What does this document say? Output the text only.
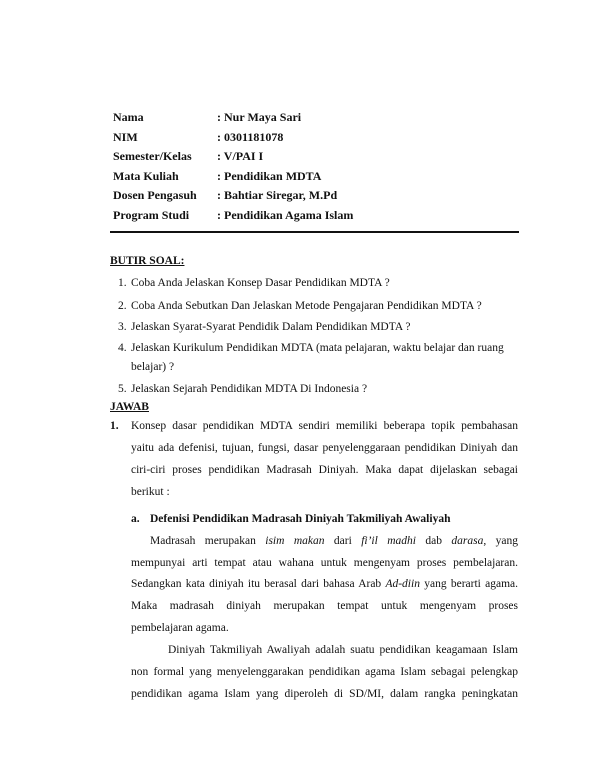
Nama	: Nur Maya Sari
NIM	: 0301181078
Semester/Kelas : V/PAI I
Mata Kuliah	: Pendidikan MDTA
Dosen Pengasuh : Bahtiar Siregar, M.Pd
Program Studi : Pendidikan Agama Islam
BUTIR SOAL:
1. Coba Anda Jelaskan Konsep Dasar Pendidikan MDTA ?
2. Coba Anda Sebutkan Dan Jelaskan Metode Pengajaran Pendidikan MDTA ?
3. Jelaskan Syarat-Syarat Pendidik Dalam Pendidikan MDTA ?
4. Jelaskan Kurikulum Pendidikan MDTA (mata pelajaran, waktu belajar dan ruang
belajar) ?
5. Jelaskan Sejarah Pendidikan MDTA Di Indonesia ?
JAWAB
1. Konsep dasar pendidikan MDTA sendiri memiliki beberapa topik pembahasan
yaitu ada defenisi, tujuan, fungsi, dasar penyelenggaraan pendidikan Diniyah dan
ciri-ciri proses pendidikan Madrasah Diniyah. Maka dapat dijelaskan sebagai
berikut :
a. Defenisi Pendidikan Madrasah Diniyah Takmiliyah Awaliyah
Madrasah merupakan isim makan dari fi’il madhi dab darasa, yang
mempunyai arti tempat atau wahana untuk mengenyam proses pembelajaran.
Sedangkan kata diniyah itu berasal dari bahasa Arab Ad-diin yang berarti agama.
Maka madrasah diniyah merupakan tempat untuk mengenyam proses
pembelajaran agama.
Diniyah Takmiliyah Awaliyah adalah suatu pendidikan keagamaan Islam
non formal yang menyelenggarakan pendidikan agama Islam sebagai pelengkap
pendidikan agama Islam yang diperoleh di SD/MI, dalam rangka peningkatan
